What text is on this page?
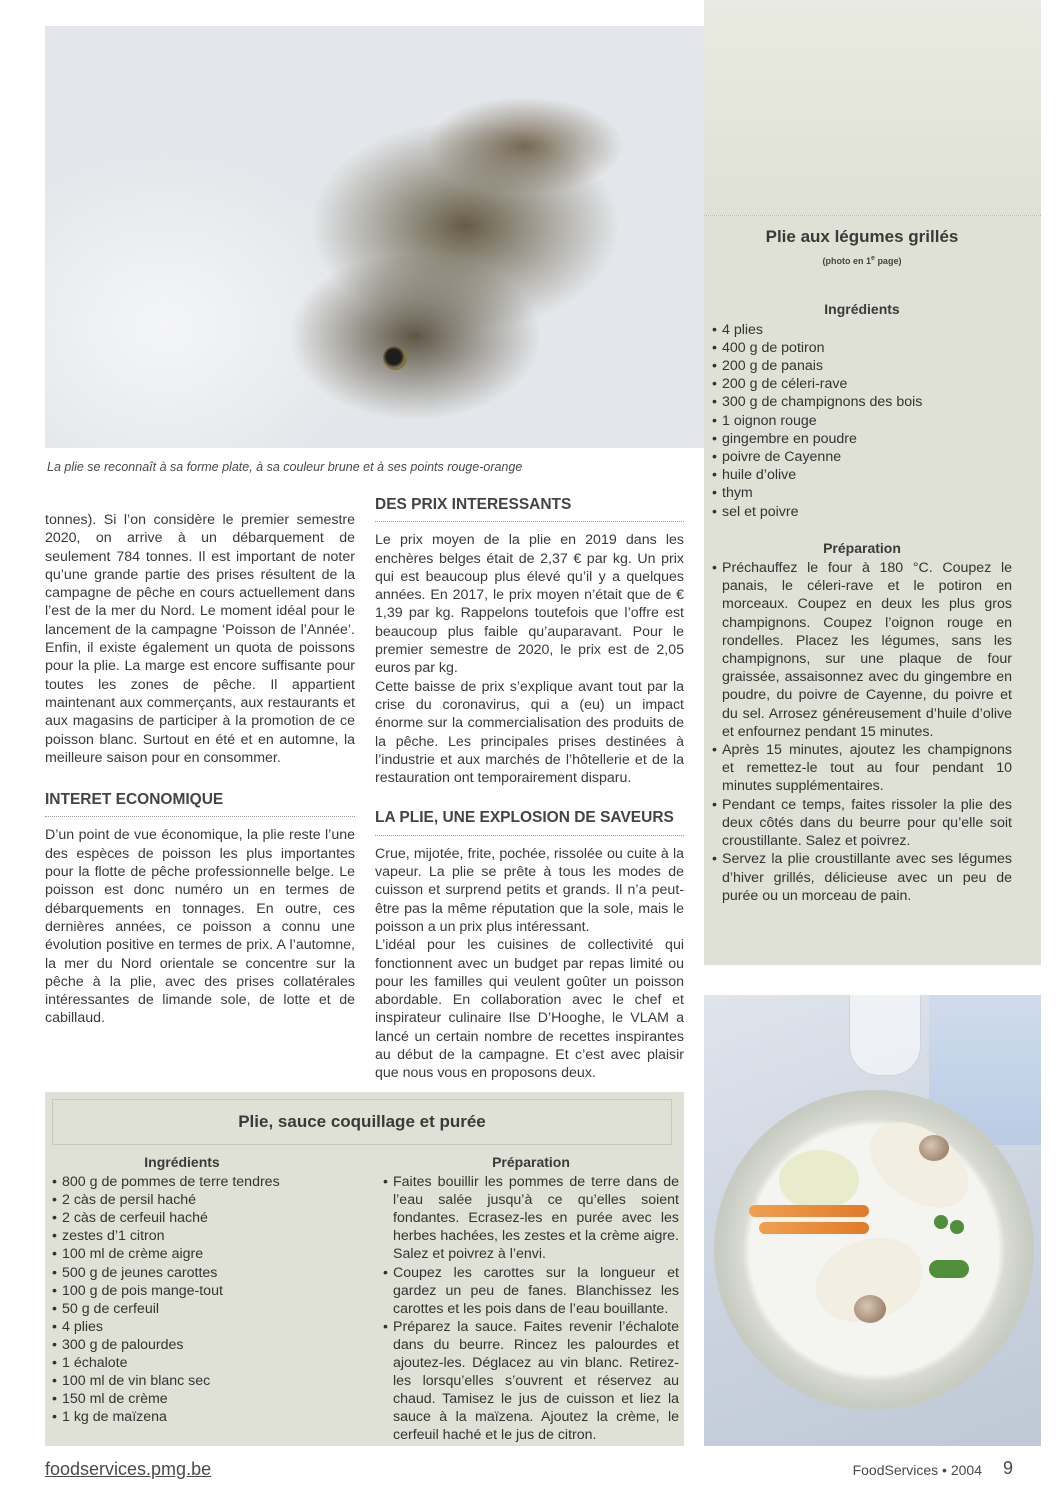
La plie se reconnaît à sa forme plate, à sa couleur brune et à ses points rouge-orange
Plie aux légumes grillés
(photo en 1e page)
Ingrédients
• 4 plies
• 400 g de potiron
• 200 g de panais
• 200 g de céleri-rave
• 300 g de champignons des bois
• 1 oignon rouge
• gingembre en poudre
• poivre de Cayenne
• huile d’olive
• thym
• sel et poivre
Préparation
• Préchauffez le four à 180 °C. Coupez le panais, le céleri-rave et le potiron en morceaux. Coupez en deux les plus gros champignons. Coupez l’oignon rouge en rondelles. Placez les légumes, sans les champignons, sur une plaque de four graissée, assaisonnez avec du gingembre en poudre, du poivre de Cayenne, du poivre et du sel. Arrosez généreusement d’huile d’olive et enfournez pendant 15 minutes.
• Après 15 minutes, ajoutez les champignons et remettez-le tout au four pendant 10 minutes supplémentaires.
• Pendant ce temps, faites rissoler la plie des deux côtés dans du beurre pour qu’elle soit croustillante. Salez et poivrez.
• Servez la plie croustillante avec ses légumes d’hiver grillés, délicieuse avec un peu de purée ou un morceau de pain.
tonnes). Si l’on considère le premier semestre 2020, on arrive à un débarquement de seulement 784 tonnes. Il est important de noter qu’une grande partie des prises résultent de la campagne de pêche en cours actuellement dans l’est de la mer du Nord. Le moment idéal pour le lancement de la campagne ‘Poisson de l’Année’. Enfin, il existe également un quota de poissons pour la plie. La marge est encore suffisante pour toutes les zones de pêche. Il appartient maintenant aux commerçants, aux restaurants et aux magasins de participer à la promotion de ce poisson blanc. Surtout en été et en automne, la meilleure saison pour en consommer.
INTERET ECONOMIQUE

D’un point de vue économique, la plie reste l’une des espèces de poisson les plus importantes pour la flotte de pêche professionnelle belge. Le poisson est donc numéro un en termes de débarquements en tonnages. En outre, ces dernières années, ce poisson a connu une évolution positive en termes de prix. A l’automne, la mer du Nord orientale se concentre sur la pêche à la plie, avec des prises collatérales intéressantes de limande sole, de lotte et de cabillaud.

DES PRIX INTERESSANTS

Le prix moyen de la plie en 2019 dans les enchères belges était de 2,37 € par kg. Un prix qui est beaucoup plus élevé qu’il y a quelques années. En 2017, le prix moyen n’était que de € 1,39 par kg. Rappelons toutefois que l’offre est beaucoup plus faible qu’auparavant. Pour le premier semestre de 2020, le prix est de 2,05 euros par kg.

Cette baisse de prix s’explique avant tout par la crise du coronavirus, qui a (eu) un impact énorme sur la commercialisation des produits de la pêche. Les principales prises destinées à l’industrie et aux marchés de l’hôtellerie et de la restauration ont temporairement disparu.

LA PLIE, UNE EXPLOSION DE SAVEURS

Crue, mijotée, frite, pochée, rissolée ou cuite à la vapeur. La plie se prête à tous les modes de cuisson et surprend petits et grands. Il n’a peut-être pas la même réputation que la sole, mais le poisson a un prix plus intéressant.

L’idéal pour les cuisines de collectivité qui fonctionnent avec un budget par repas limité ou pour les familles qui veulent goûter un poisson abordable. En collaboration avec le chef et inspirateur culinaire Ilse D’Hooghe, le VLAM a lancé un certain nombre de recettes inspirantes au début de la campagne. Et c’est avec plaisir que nous vous en proposons deux.

Plie, sauce coquillage et purée
Ingrédients
• 800 g de pommes de terre tendres
• 2 càs de persil haché
• 2 càs de cerfeuil haché
• zestes d’1 citron
• 100 ml de crème aigre
• 500 g de jeunes carottes
• 100 g de pois mange-tout
• 50 g de cerfeuil
• 4 plies
• 300 g de palourdes
• 1 échalote
• 100 ml de vin blanc sec
• 150 ml de crème
• 1 kg de maïzena
Préparation
• Faites bouillir les pommes de terre dans de l’eau salée jusqu’à ce qu’elles soient fondantes. Ecrasez-les en purée avec les herbes hachées, les zestes et la crème aigre. Salez et poivrez à l’envi.
• Coupez les carottes sur la longueur et gardez un peu de fanes. Blanchissez les carottes et les pois dans de l’eau bouillante.
• Préparez la sauce. Faites revenir l’échalote dans du beurre. Rincez les palourdes et ajoutez-les. Déglacez au vin blanc. Retirez-les lorsqu’elles s’ouvrent et réservez au chaud. Tamisez le jus de cuisson et liez la sauce à la maïzena. Ajoutez la crème, le cerfeuil haché et le jus de citron.
foodservices.pmg.be	FoodServices • 2004 9
